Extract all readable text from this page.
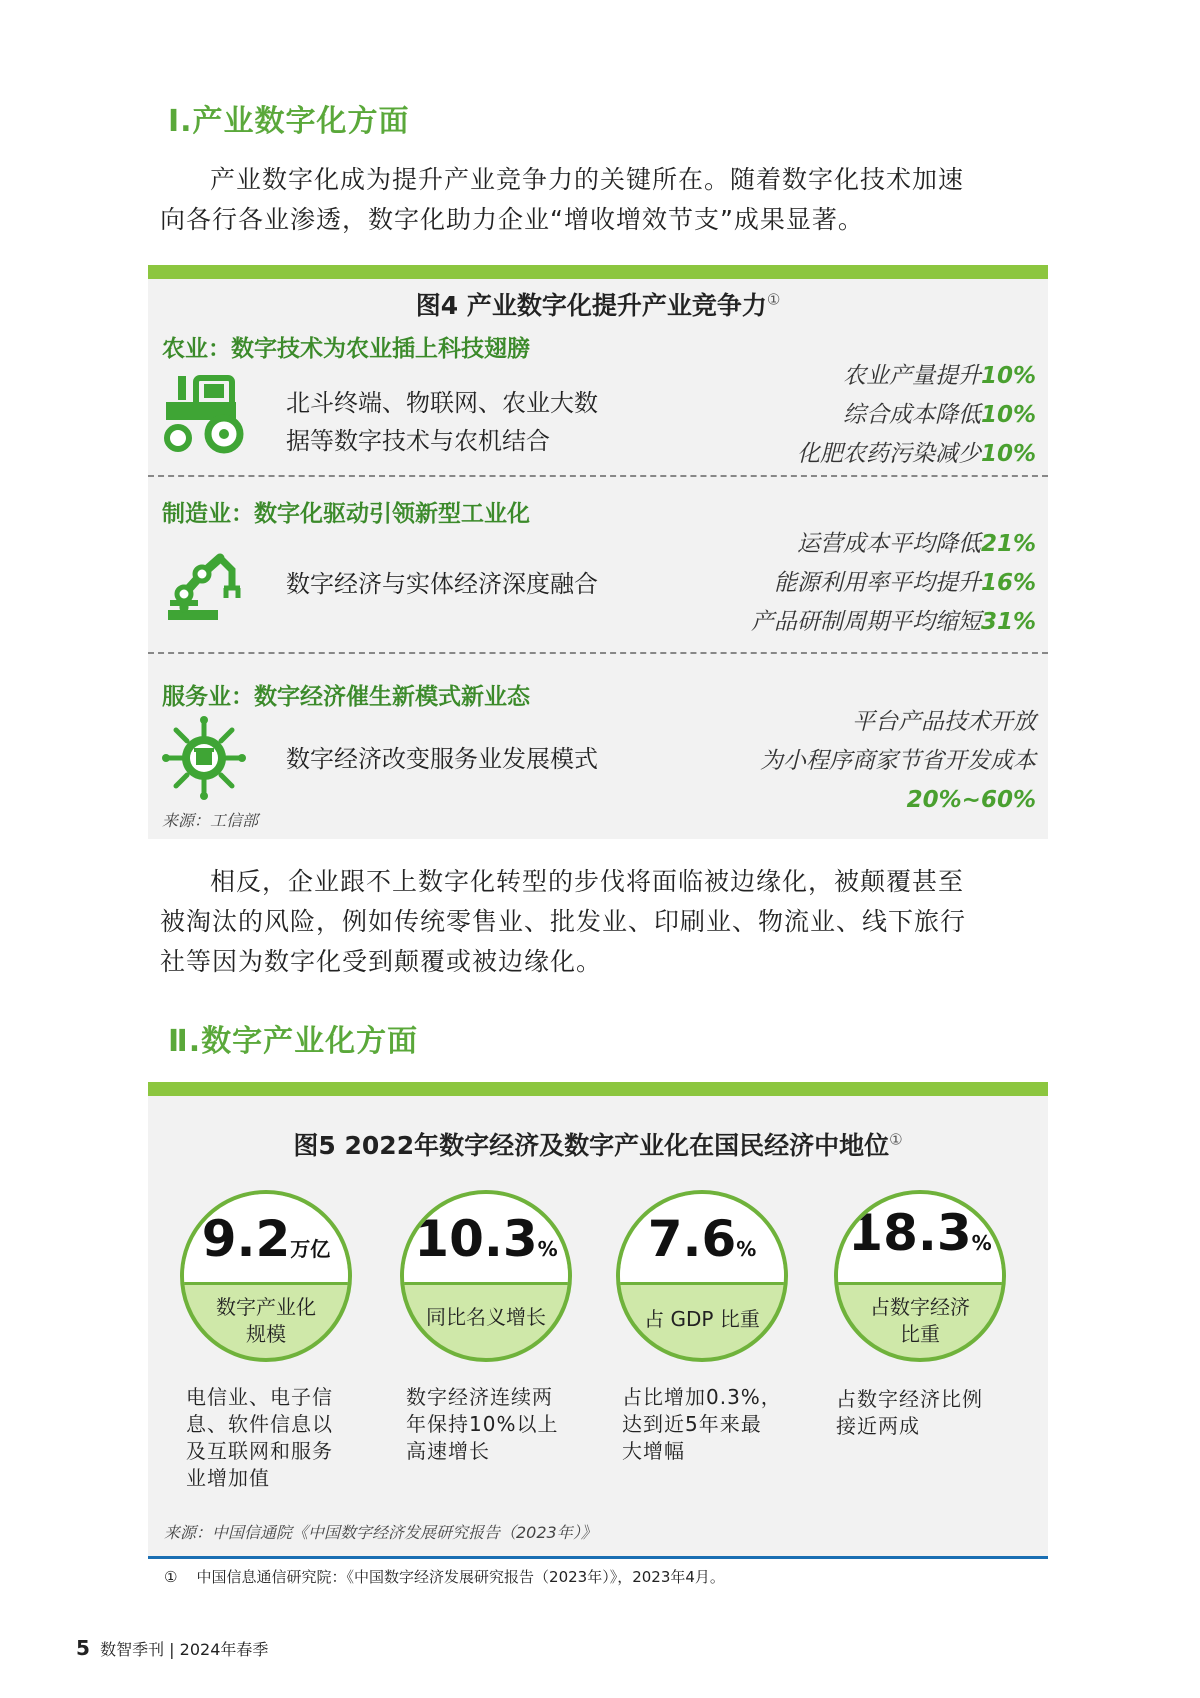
Ⅰ.产业数字化方面
产业数字化成为提升产业竞争力的关键所在。随着数字化技术加速
向各行各业渗透，数字化助力企业“增收增效节支”成果显著。
图4 产业数字化提升产业竞争力①
农业：数字技术为农业插上科技翅膀
北斗终端、物联网、农业大数
据等数字技术与农机结合
农业产量提升10%
综合成本降低10%
化肥农药污染减少10%
制造业：数字化驱动引领新型工业化
数字经济与实体经济深度融合
运营成本平均降低21%
能源利用率平均提升16%
产品研制周期平均缩短31%
服务业：数字经济催生新模式新业态
数字经济改变服务业发展模式
平台产品技术开放
为小程序商家节省开发成本
20%~60%
来源：工信部
相反，企业跟不上数字化转型的步伐将面临被边缘化，被颠覆甚至
被淘汰的风险，例如传统零售业、批发业、印刷业、物流业、线下旅行
社等因为数字化受到颠覆或被边缘化。
Ⅱ.数字产业化方面
图5 2022年数字经济及数字产业化在国民经济中地位①
9.2万亿
数字产业化
规模
10.3%
同比名义增长
7.6%
占 GDP 比重
18.3%
占数字经济
比重
电信业、电子信
息、软件信息以
及互联网和服务
业增加值
数字经济连续两
年保持10%以上
高速增长
占比增加0.3%，
达到近5年来最
大增幅
占数字经济比例
接近两成
来源：中国信通院《中国数字经济发展研究报告（2023年）》
① 中国信息通信研究院：《中国数字经济发展研究报告（2023年）》，2023年4月。
5 数智季刊 | 2024年春季
